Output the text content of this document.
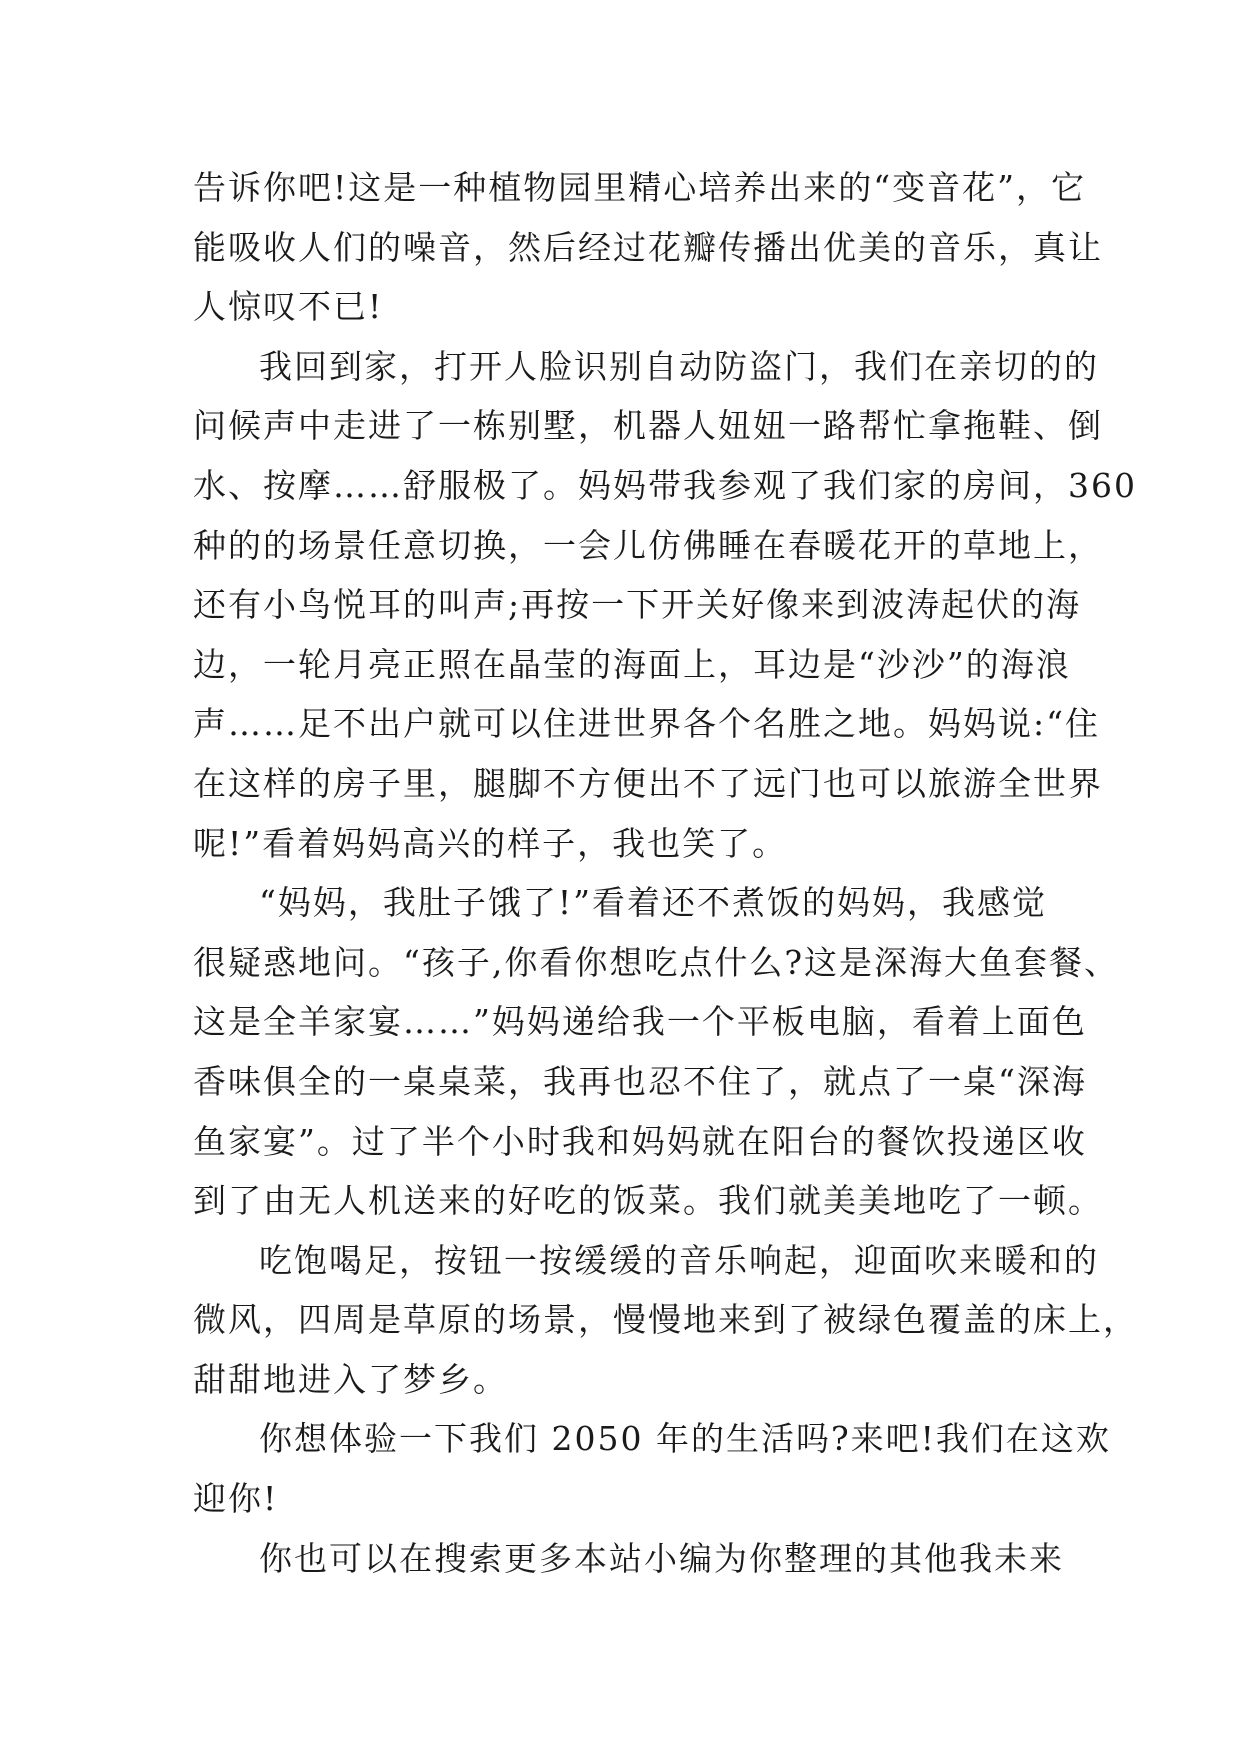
告诉你吧!这是一种植物园里精心培养出来的“变音花”，它
能吸收人们的噪音，然后经过花瓣传播出优美的音乐，真让
人惊叹不已!
我回到家，打开人脸识别自动防盗门，我们在亲切的的
问候声中走进了一栋别墅，机器人妞妞一路帮忙拿拖鞋、倒
水、按摩……舒服极了。妈妈带我参观了我们家的房间，360
种的的场景任意切换，一会儿仿佛睡在春暖花开的草地上，
还有小鸟悦耳的叫声;再按一下开关好像来到波涛起伏的海
边，一轮月亮正照在晶莹的海面上，耳边是“沙沙”的海浪
声……足不出户就可以住进世界各个名胜之地。妈妈说:“住
在这样的房子里，腿脚不方便出不了远门也可以旅游全世界
呢!”看着妈妈高兴的样子，我也笑了。
“妈妈，我肚子饿了!”看着还不煮饭的妈妈，我感觉
很疑惑地问。“孩子,你看你想吃点什么?这是深海大鱼套餐、
这是全羊家宴……”妈妈递给我一个平板电脑，看着上面色
香味俱全的一桌桌菜，我再也忍不住了，就点了一桌“深海
鱼家宴”。过了半个小时我和妈妈就在阳台的餐饮投递区收
到了由无人机送来的好吃的饭菜。我们就美美地吃了一顿。
吃饱喝足，按钮一按缓缓的音乐响起，迎面吹来暖和的
微风，四周是草原的场景，慢慢地来到了被绿色覆盖的床上，
甜甜地进入了梦乡。
你想体验一下我们 2050 年的生活吗?来吧!我们在这欢
迎你!
你也可以在搜索更多本站小编为你整理的其他我未来
